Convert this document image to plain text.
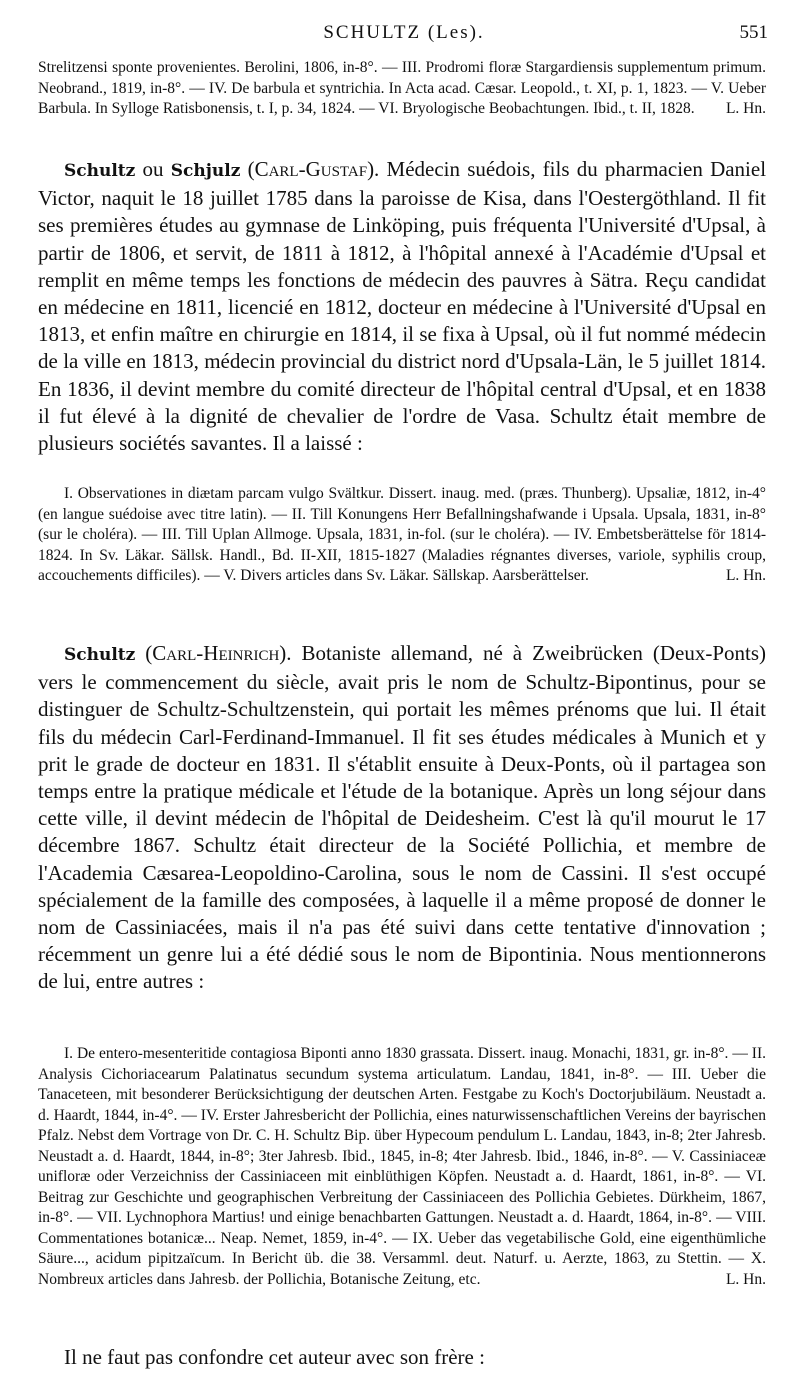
SCHULTZ (Les).	551

Strelitzensi sponte provenientes. Berolini, 1806, in-8°. — III. Prodromi floræ Stargardiensis supplementum primum. Neobrand., 1819, in-8°. — IV. De barbula et syntrichia. In Acta acad. Cæsar. Leopold., t. XI, p. 1, 1823. — V. Ueber Barbula. In Sylloge Ratisbonensis, t. I, p. 34, 1824. — VI. Bryologische Beobachtungen. Ibid., t. II, 1828. L. Hn.

Schultz ou Schjulz (Carl-Gustaf). Médecin suédois, fils du pharmacien Daniel Victor, naquit le 18 juillet 1785 dans la paroisse de Kisa, dans l'Oestergöthland. Il fit ses premières études au gymnase de Linköping, puis fréquenta l'Université d'Upsal, à partir de 1806, et servit, de 1811 à 1812, à l'hôpital annexé à l'Académie d'Upsal et remplit en même temps les fonctions de médecin des pauvres à Sätra. Reçu candidat en médecine en 1811, licencié en 1812, docteur en médecine à l'Université d'Upsal en 1813, et enfin maître en chirurgie en 1814, il se fixa à Upsal, où il fut nommé médecin de la ville en 1813, médecin provincial du district nord d'Upsala-Län, le 5 juillet 1814. En 1836, il devint membre du comité directeur de l'hôpital central d'Upsal, et en 1838 il fut élevé à la dignité de chevalier de l'ordre de Vasa. Schultz était membre de plusieurs sociétés savantes. Il a laissé :

I. Observationes in diætam parcam vulgo Svältkur. Dissert. inaug. med. (præs. Thunberg). Upsaliæ, 1812, in-4° (en langue suédoise avec titre latin). — II. Till Konungens Herr Befallningshafwande i Upsala. Upsala, 1831, in-8° (sur le choléra). — III. Till Uplan Allmoge. Upsala, 1831, in-fol. (sur le choléra). — IV. Embetsberättelse för 1814-1824. In Sv. Läkar. Sällsk. Handl., Bd. II-XII, 1815-1827 (Maladies régnantes diverses, variole, syphilis croup, accouchements difficiles). — V. Divers articles dans Sv. Läkar. Sällskap. Aarsberättelser.	L. Hn.

Schultz (Carl-Heinrich). Botaniste allemand, né à Zweibrücken (Deux-Ponts) vers le commencement du siècle, avait pris le nom de Schultz-Bipontinus, pour se distinguer de Schultz-Schultzenstein, qui portait les mêmes prénoms que lui. Il était fils du médecin Carl-Ferdinand-Immanuel. Il fit ses études médicales à Munich et y prit le grade de docteur en 1831. Il s'établit ensuite à Deux-Ponts, où il partagea son temps entre la pratique médicale et l'étude de la botanique. Après un long séjour dans cette ville, il devint médecin de l'hôpital de Deidesheim. C'est là qu'il mourut le 17 décembre 1867. Schultz était directeur de la Société Pollichia, et membre de l'Academia Cæsarea-Leopoldino-Carolina, sous le nom de Cassini. Il s'est occupé spécialement de la famille des composées, à laquelle il a même proposé de donner le nom de Cassiniacées, mais il n'a pas été suivi dans cette tentative d'innovation ; récemment un genre lui a été dédié sous le nom de Bipontinia. Nous mentionnerons de lui, entre autres :

I. De entero-mesenteritide contagiosa Biponti anno 1830 grassata. Dissert. inaug. Monachi, 1831, gr. in-8°. — II. Analysis Cichoriacearum Palatinatus secundum systema articulatum. Landau, 1841, in-8°. — III. Ueber die Tanaceteen, mit besonderer Berücksichtigung der deutschen Arten. Festgabe zu Koch's Doctorjubiläum. Neustadt a. d. Haardt, 1844, in-4°. — IV. Erster Jahresbericht der Pollichia, eines naturwissenschaftlichen Vereins der bayrischen Pfalz. Nebst dem Vortrage von Dr. C. H. Schultz Bip. über Hypecoum pendulum L. Landau, 1843, in-8; 2ter Jahresb. Neustadt a. d. Haardt, 1844, in-8°; 3ter Jahresb. Ibid., 1845, in-8; 4ter Jahresb. Ibid., 1846, in-8°. — V. Cassiniaceæ unifloræ oder Verzeichniss der Cassiniaceen mit einblüthigen Köpfen. Neustadt a. d. Haardt, 1861, in-8°. — VI. Beitrag zur Geschichte und geographischen Verbreitung der Cassiniaceen des Pollichia Gebietes. Dürkheim, 1867, in-8°. — VII. Lychnophora Martius! und einige benachbarten Gattungen. Neustadt a. d. Haardt, 1864, in-8°. — VIII. Commentationes botanicæ... Neap. Nemet, 1859, in-4°. — IX. Ueber das vegetabilische Gold, eine eigenthümliche Säure..., acidum pipitzaïcum. In Bericht üb. die 38. Versamml. deut. Naturf. u. Aerzte, 1863, zu Stettin. — X. Nombreux articles dans Jahresb. der Pollichia, Botanische Zeitung, etc.	L. Hn.

Il ne faut pas confondre cet auteur avec son frère :
